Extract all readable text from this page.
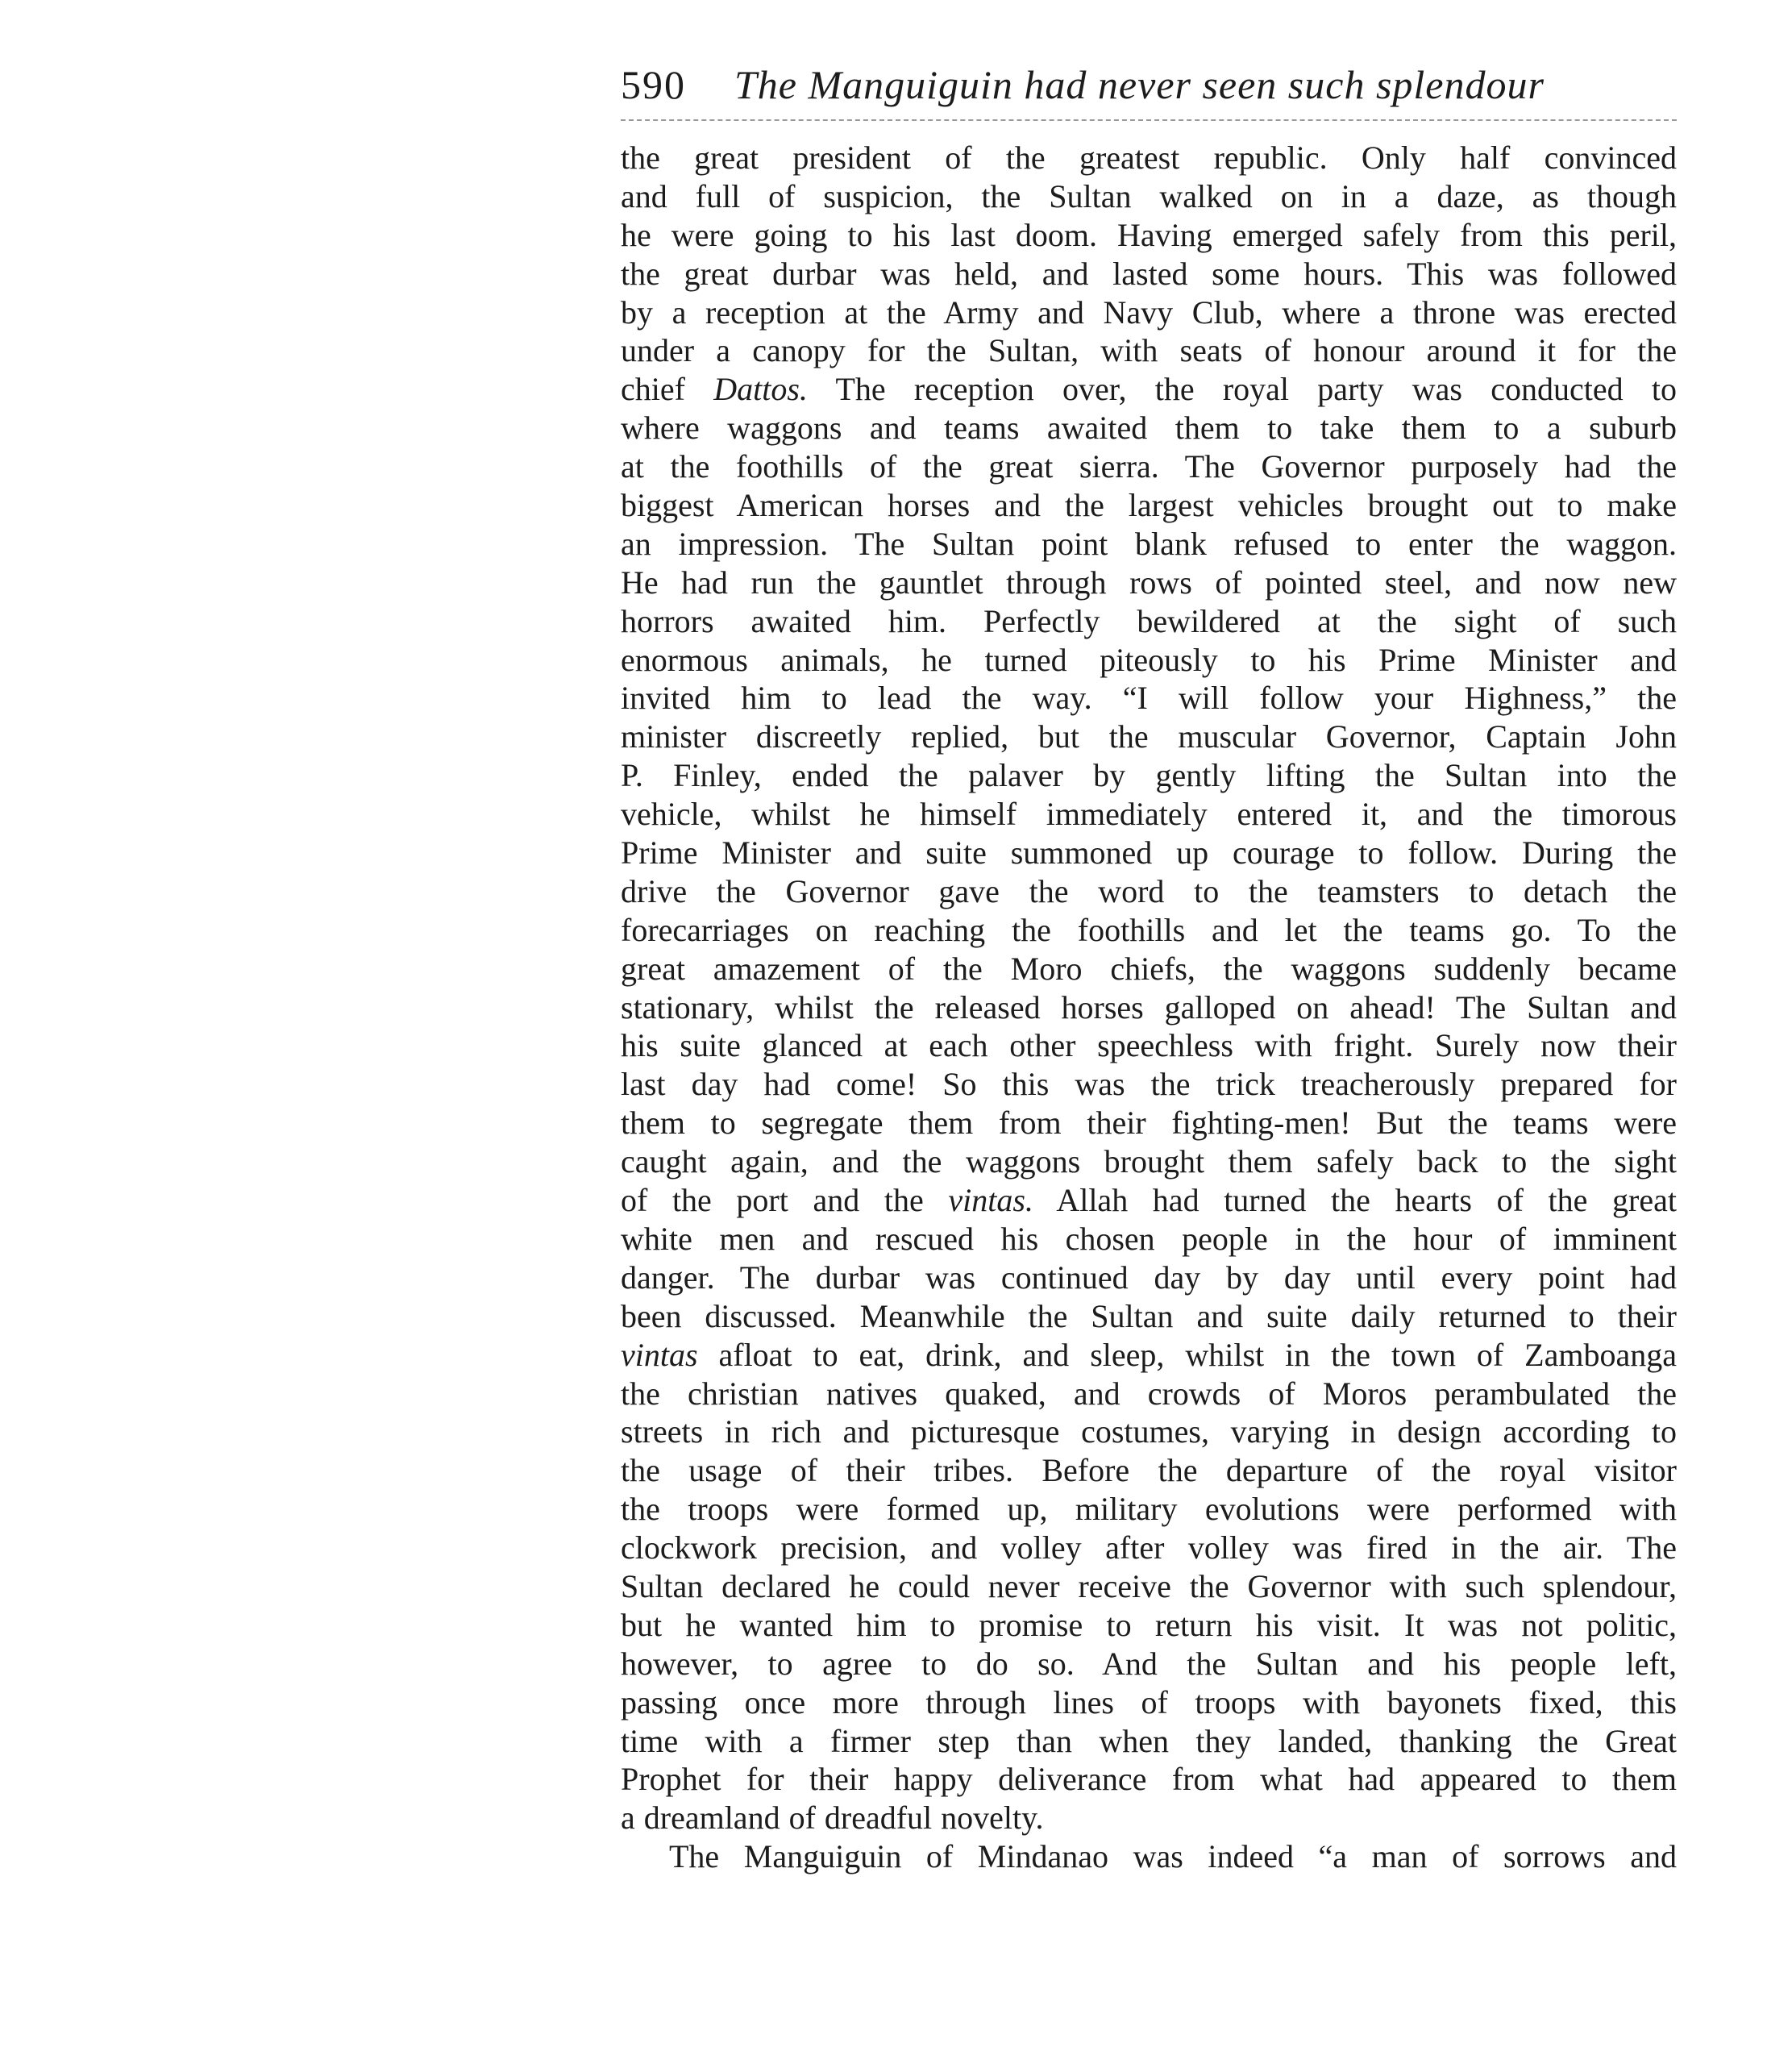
590 The Manguiguin had never seen such splendour
the great president of the greatest republic. Only half convinced
and full of suspicion, the Sultan walked on in a daze, as though
he were going to his last doom. Having emerged safely from this peril,
the great durbar was held, and lasted some hours. This was followed
by a reception at the Army and Navy Club, where a throne was erected
under a canopy for the Sultan, with seats of honour around it for the
chief Dattos. The reception over, the royal party was conducted to
where waggons and teams awaited them to take them to a suburb
at the foothills of the great sierra. The Governor purposely had the
biggest American horses and the largest vehicles brought out to make
an impression. The Sultan point blank refused to enter the waggon.
He had run the gauntlet through rows of pointed steel, and now new
horrors awaited him. Perfectly bewildered at the sight of such
enormous animals, he turned piteously to his Prime Minister and
invited him to lead the way. “I will follow your Highness,” the
minister discreetly replied, but the muscular Governor, Captain John
P. Finley, ended the palaver by gently lifting the Sultan into the
vehicle, whilst he himself immediately entered it, and the timorous
Prime Minister and suite summoned up courage to follow. During the
drive the Governor gave the word to the teamsters to detach the
forecarriages on reaching the foothills and let the teams go. To the
great amazement of the Moro chiefs, the waggons suddenly became
stationary, whilst the released horses galloped on ahead! The Sultan and
his suite glanced at each other speechless with fright. Surely now their
last day had come! So this was the trick treacherously prepared for
them to segregate them from their fighting-men! But the teams were
caught again, and the waggons brought them safely back to the sight
of the port and the vintas. Allah had turned the hearts of the great
white men and rescued his chosen people in the hour of imminent
danger. The durbar was continued day by day until every point had
been discussed. Meanwhile the Sultan and suite daily returned to their
vintas afloat to eat, drink, and sleep, whilst in the town of Zamboanga
the christian natives quaked, and crowds of Moros perambulated the
streets in rich and picturesque costumes, varying in design according to
the usage of their tribes. Before the departure of the royal visitor
the troops were formed up, military evolutions were performed with
clockwork precision, and volley after volley was fired in the air. The
Sultan declared he could never receive the Governor with such splendour,
but he wanted him to promise to return his visit. It was not politic,
however, to agree to do so. And the Sultan and his people left,
passing once more through lines of troops with bayonets fixed, this
time with a firmer step than when they landed, thanking the Great
Prophet for their happy deliverance from what had appeared to them
a dreamland of dreadful novelty.
The Manguiguin of Mindanao was indeed “a man of sorrows and
